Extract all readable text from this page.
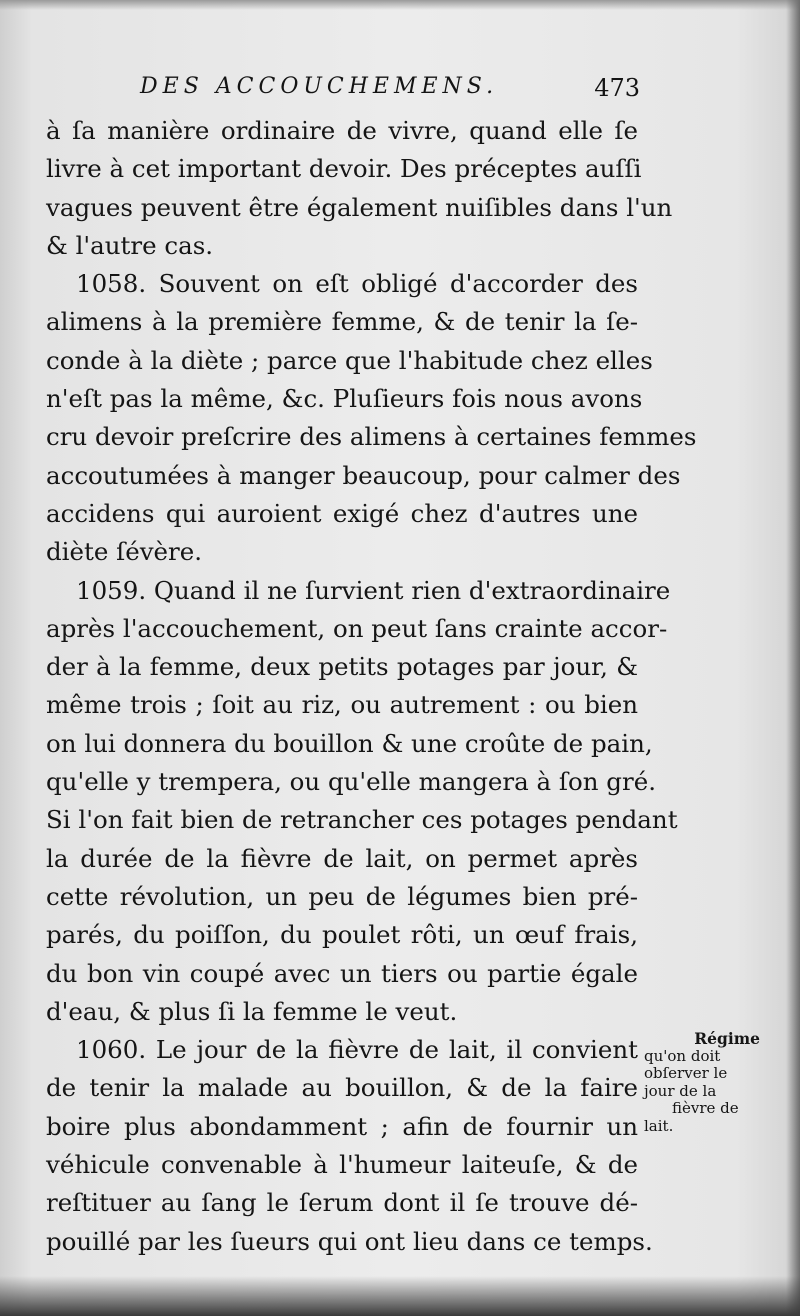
DES ACCOUCHEMENS.	473
à ſa manière ordinaire de vivre, quand elle ſe
livre à cet important devoir. Des préceptes auſſi
vagues peuvent être également nuiſibles dans l'un
& l'autre cas.
1058. Souvent on eſt obligé d'accorder des
alimens à la première femme, & de tenir la ſe-
conde à la diète ; parce que l'habitude chez elles
n'eſt pas la même, &c. Pluſieurs fois nous avons
cru devoir preſcrire des alimens à certaines femmes
accoutumées à manger beaucoup, pour calmer des
accidens qui auroient exigé chez d'autres une
diète ſévère.
1059. Quand il ne ſurvient rien d'extraordinaire
après l'accouchement, on peut ſans crainte accor-
der à la femme, deux petits potages par jour, &
même trois ; ſoit au riz, ou autrement : ou bien
on lui donnera du bouillon & une croûte de pain,
qu'elle y trempera, ou qu'elle mangera à ſon gré.
Si l'on fait bien de retrancher ces potages pendant
la durée de la fièvre de lait, on permet après
cette révolution, un peu de légumes bien pré-
parés, du poiſſon, du poulet rôti, un œuf frais,
du bon vin coupé avec un tiers ou partie égale
d'eau, & plus ſi la femme le veut.
1060. Le jour de la fièvre de lait, il convient
de tenir la malade au bouillon, & de la faire
boire plus abondamment ; afin de fournir un
véhicule convenable à l'humeur laiteuſe, & de
reſtituer au ſang le ſerum dont il ſe trouve dé-
pouillé par les ſueurs qui ont lieu dans ce temps.
Régime
qu'on doit
obſerver le
jour de la
fièvre de
lait.
